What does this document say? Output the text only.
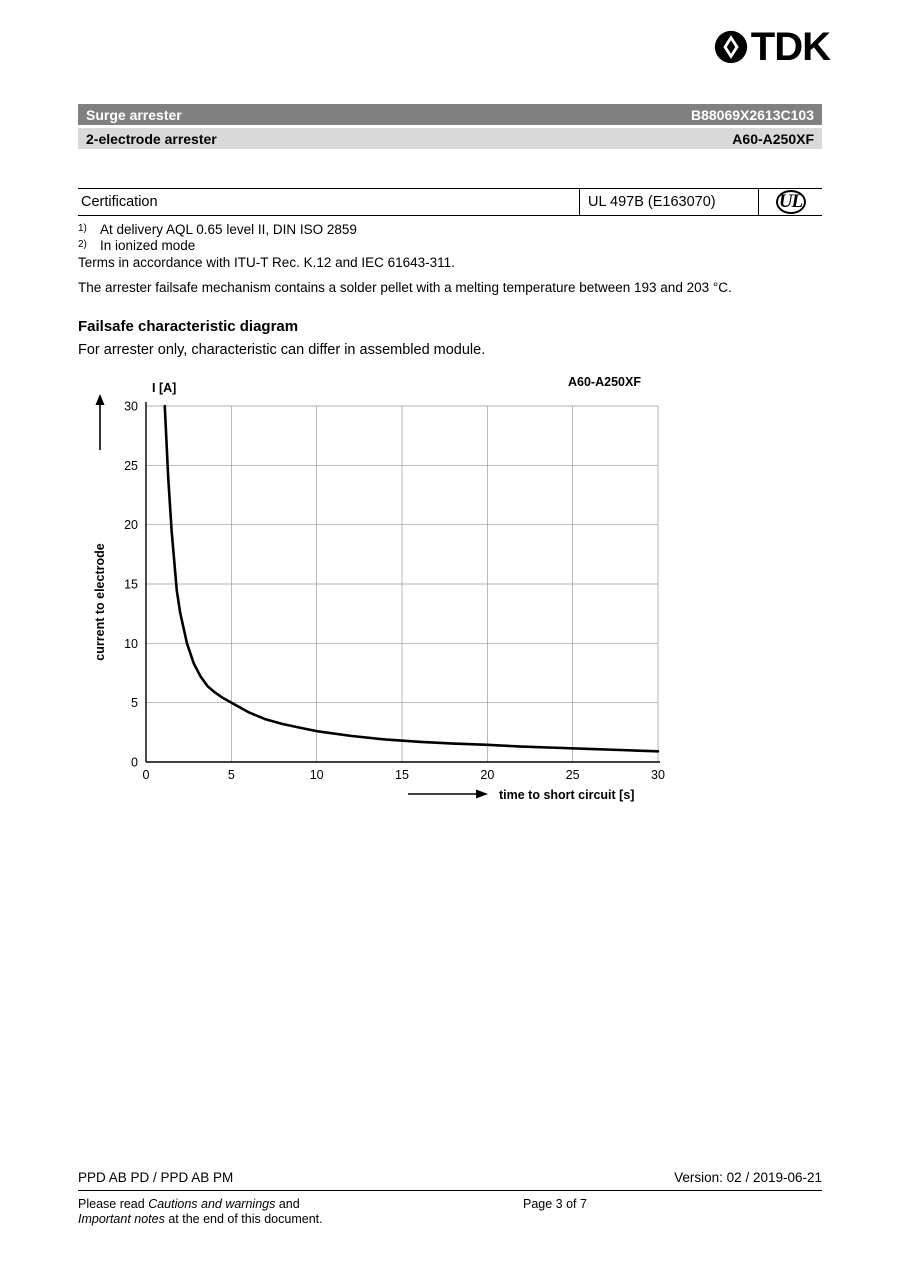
TDK
Surge arrester	B88069X2613C103
2-electrode arrester	A60-A250XF
Certification	UL 497B (E163070)	UL
1) At delivery AQL 0.65 level II, DIN ISO 2859
2) In ionized mode
Terms in accordance with ITU-T Rec. K.12 and IEC 61643-311.
The arrester failsafe mechanism contains a solder pellet with a melting temperature between 193 and 203 °C.
Failsafe characteristic diagram
For arrester only, characteristic can differ in assembled module.
0	5	10	15	20	25	30
0
5
10
15
20
25
30
I [A]	A60-A250XF
current to electrode
time to short circuit [s]
PPD AB PD / PPD AB PM	Version: 02 / 2019-06-21
Please read Cautions and warnings and
Important notes at the end of this document.
Page 3 of 7
